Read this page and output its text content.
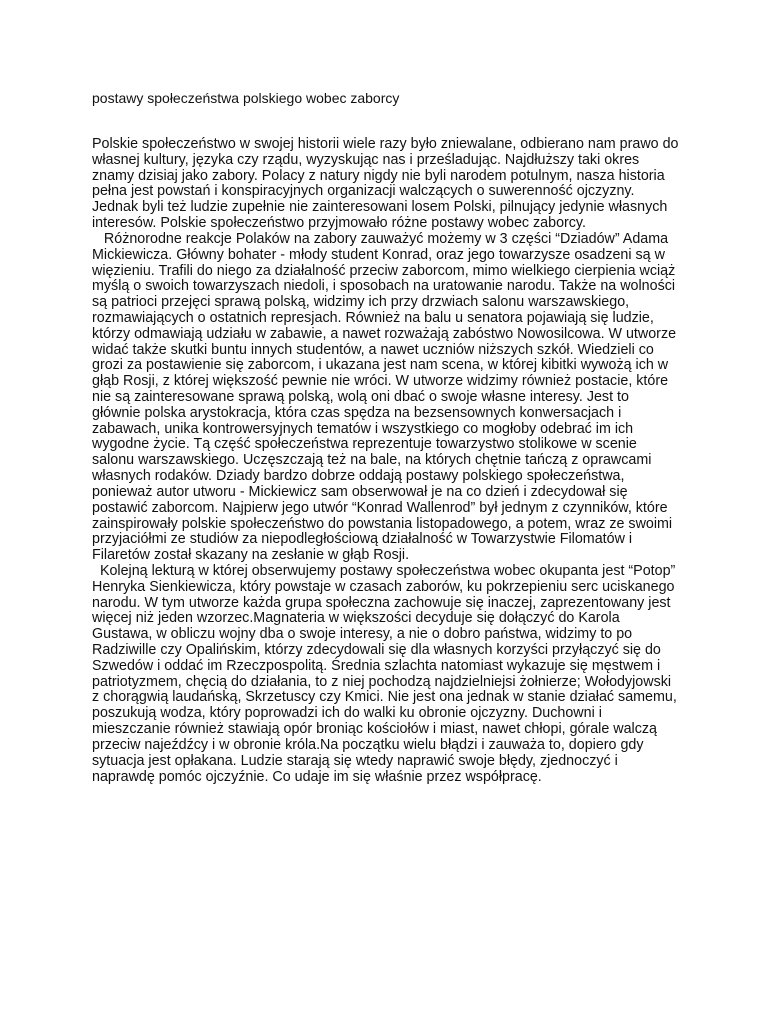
postawy społeczeństwa polskiego wobec zaborcy

Polskie społeczeństwo w swojej historii wiele razy było zniewalane, odbierano nam prawo do
własnej kultury, języka czy rządu, wyzyskując nas i prześladując. Najdłuższy taki okres
znamy dzisiaj jako zabory. Polacy z natury nigdy nie byli narodem potulnym, nasza historia
pełna jest powstań i konspiracyjnych organizacji walczących o suwerenność ojczyzny.
Jednak byli też ludzie zupełnie nie zainteresowani losem Polski, pilnujący jedynie własnych
interesów. Polskie społeczeństwo przyjmowało różne postawy wobec zaborcy.
Różnorodne reakcje Polaków na zabory zauważyć możemy w 3 części “Dziadów” Adama
Mickiewicza. Główny bohater - młody student Konrad, oraz jego towarzysze osadzeni są w
więzieniu. Trafili do niego za działalność przeciw zaborcom, mimo wielkiego cierpienia wciąż
myślą o swoich towarzyszach niedoli, i sposobach na uratowanie narodu. Także na wolności
są patrioci przejęci sprawą polską, widzimy ich przy drzwiach salonu warszawskiego,
rozmawiających o ostatnich represjach. Również na balu u senatora pojawiają się ludzie,
którzy odmawiają udziału w zabawie, a nawet rozważają zabóstwo Nowosilcowa. W utworze
widać także skutki buntu innych studentów, a nawet uczniów niższych szkół. Wiedzieli co
grozi za postawienie się zaborcom, i ukazana jest nam scena, w której kibitki wywożą ich w
głąb Rosji, z której większość pewnie nie wróci. W utworze widzimy również postacie, które
nie są zainteresowane sprawą polską, wolą oni dbać o swoje własne interesy. Jest to
głównie polska arystokracja, która czas spędza na bezsensownych konwersacjach i
zabawach, unika kontrowersyjnych tematów i wszystkiego co mogłoby odebrać im ich
wygodne życie. Tą część społeczeństwa reprezentuje towarzystwo stolikowe w scenie
salonu warszawskiego. Uczęszczają też na bale, na których chętnie tańczą z oprawcami
własnych rodaków. Dziady bardzo dobrze oddają postawy polskiego społeczeństwa,
ponieważ autor utworu - Mickiewicz sam obserwował je na co dzień i zdecydował się
postawić zaborcom. Najpierw jego utwór “Konrad Wallenrod” był jednym z czynników, które
zainspirowały polskie społeczeństwo do powstania listopadowego, a potem, wraz ze swoimi
przyjaciółmi ze studiów za niepodległościową działalność w Towarzystwie Filomatów i
Filaretów został skazany na zesłanie w głąb Rosji.
Kolejną lekturą w której obserwujemy postawy społeczeństwa wobec okupanta jest “Potop”
Henryka Sienkiewicza, który powstaje w czasach zaborów, ku pokrzepieniu serc uciskanego
narodu. W tym utworze każda grupa społeczna zachowuje się inaczej, zaprezentowany jest
więcej niż jeden wzorzec.Magnateria w większości decyduje się dołączyć do Karola
Gustawa, w obliczu wojny dba o swoje interesy, a nie o dobro państwa, widzimy to po
Radziwille czy Opalińskim, którzy zdecydowali się dla własnych korzyści przyłączyć się do
Szwedów i oddać im Rzeczpospolitą. Średnia szlachta natomiast wykazuje się męstwem i
patriotyzmem, chęcią do działania, to z niej pochodzą najdzielniejsi żołnierze; Wołodyjowski
z chorągwią laudańską, Skrzetuscy czy Kmici. Nie jest ona jednak w stanie działać samemu,
poszukują wodza, który poprowadzi ich do walki ku obronie ojczyzny. Duchowni i
mieszczanie również stawiają opór broniąc kościołów i miast, nawet chłopi, górale walczą
przeciw najeźdźcy i w obronie króla.Na początku wielu błądzi i zauważa to, dopiero gdy
sytuacja jest opłakana. Ludzie starają się wtedy naprawić swoje błędy, zjednoczyć i
naprawdę pomóc ojczyźnie. Co udaje im się właśnie przez współpracę.
